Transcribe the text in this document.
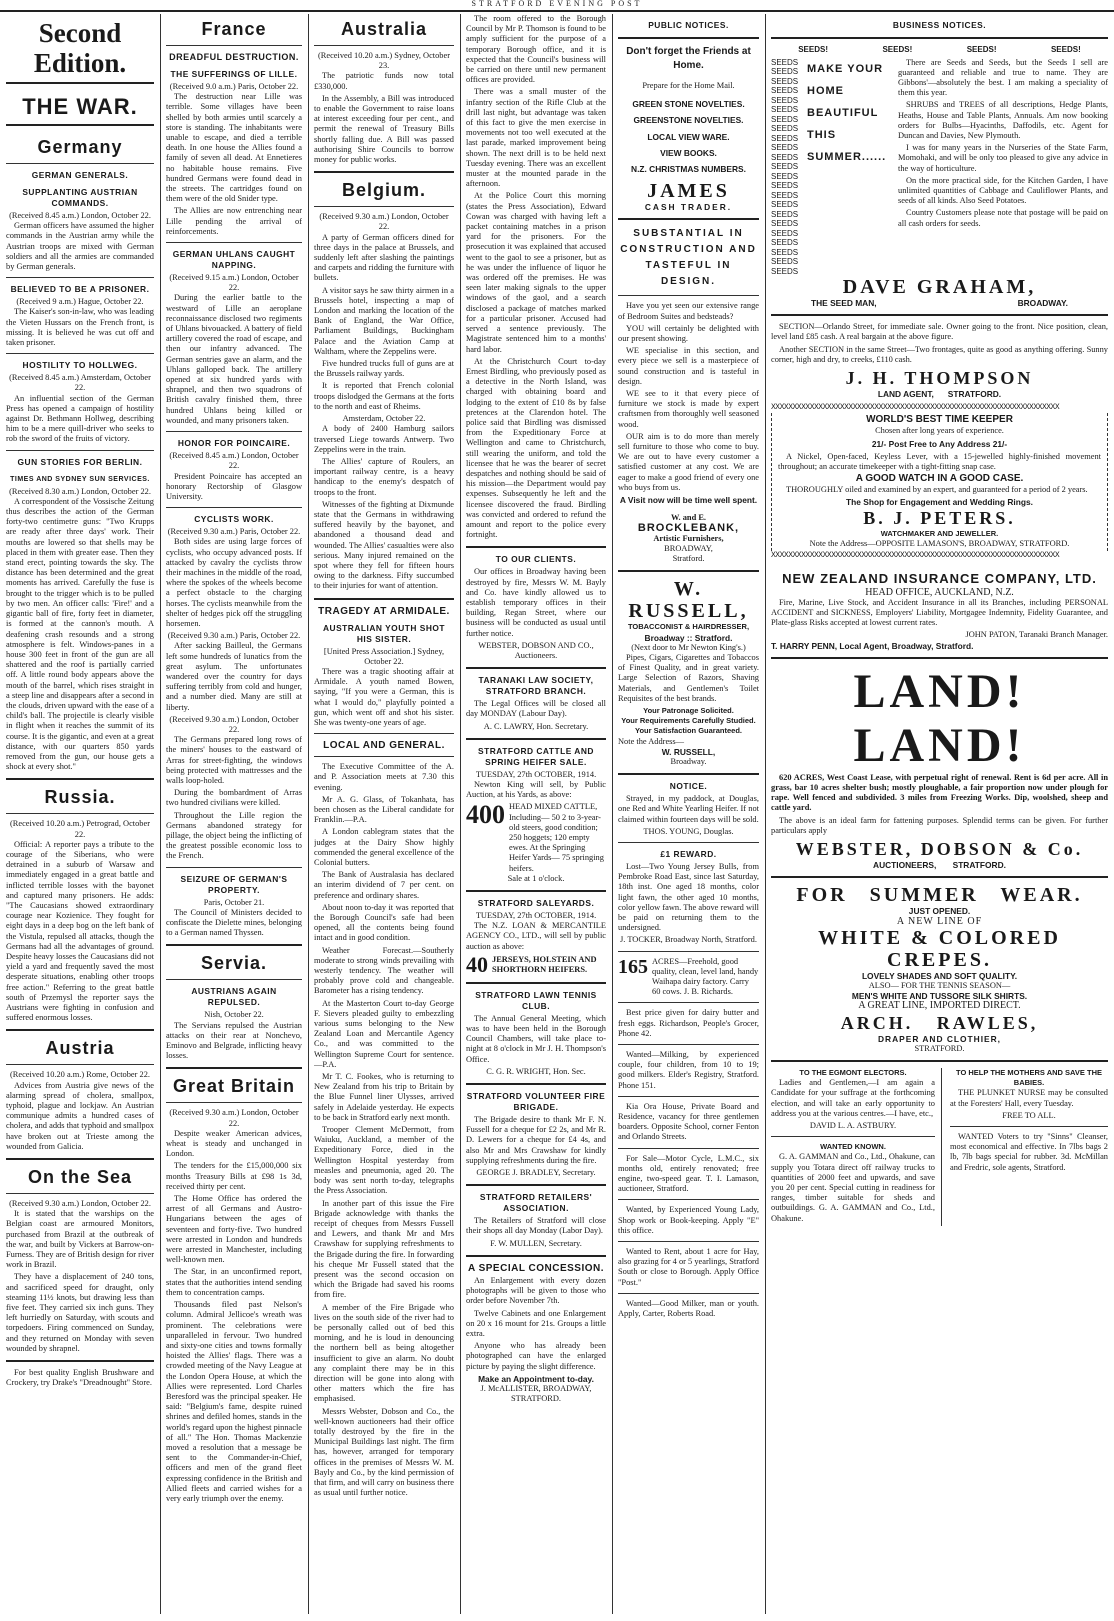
STRATFORD EVENING POST
Second Edition.
THE WAR.
Germany
GERMAN GENERALS.
SUPPLANTING AUSTRIAN COMMANDS.
(Received 8.45 a.m.) London, October 22.

German officers have assumed the higher commands in the Austrian army while the Austrian troops are mixed with German soldiers and all the armies are commanded by German generals.

BELIEVED TO BE A PRISONER.
(Received 9 a.m.) Hague, October 22.

The Kaiser's son-in-law, who was leading the Vieten Hussars on the French front, is missing. It is believed he was cut off and taken prisoner.

HOSTILITY TO HOLLWEG.
(Received 8.45 a.m.) Amsterdam, October 22.

An influential section of the German Press has opened a campaign of hostility against Dr. Bethmann Hollweg, describing him to be a mere quill-driver who seeks to rob the sword of the fruits of victory.

GUN STORIES FOR BERLIN.
TIMES AND SYDNEY SUN SERVICES.
(Received 8.30 a.m.) London, October 22.

A correspondent of the Vossische Zeitung thus describes the action of the German forty-two centimetre guns: "Two Krupps are ready after three days' work. Their mouths are lowered so that shells may be placed in them with greater ease. Then they stand erect, pointing towards the sky. The distance has been determined and the great moments has arrived. Carefully the fuse is brought to the trigger which is to be pulled by two men. An officer calls: 'Fire!' and a gigantic ball of fire, forty feet in diameter, is formed at the cannon's mouth. A deafening crash resounds and a strong atmosphere is felt. Windows-panes in a house 300 feet in front of the gun are all shattered and the roof is partially carried off. A little round body appears above the mouth of the barrel, which rises straight in a steep line and disappears after a second in the clouds, driven upward with the ease of a child's ball. The projectile is clearly visible in flight when it reaches the summit of its course. It is the gigantic, and even at a great distance, with our quarters 850 yards removed from the gun, our house gets a shock at every shot."

Russia.
(Received 10.20 a.m.) Petrograd, October 22.

Official: A reporter pays a tribute to the courage of the Siberians, who were detrained in a suburb of Warsaw and immediately engaged in a great battle and inflicted terrible losses with the bayonet and captured many prisoners. He adds: "The Caucasians showed extraordinary courage near Kozienice. They fought for eight days in a deep bog on the left bank of the Vistula, repulsed all attacks, though the Germans had all the advantages of ground. Despite heavy losses the Caucasians did not yield a yard and frequently saved the most desperate situations, enabling other troops free action." Referring to the great battle south of Przemysl the reporter says the Austrians were fighting in confusion and suffered enormous losses.

Austria
(Received 10.20 a.m.) Rome, October 22.

Advices from Austria give news of the alarming spread of cholera, smallpox, typhoid, plague and lockjaw. An Austrian communique admits a hundred cases of cholera, and adds that typhoid and smallpox have broken out at Trieste among the wounded from Galicia.

On the Sea
(Received 9.30 a.m.) London, October 22.

It is stated that the warships on the Belgian coast are armoured Monitors, purchased from Brazil at the outbreak of the war, and built by Vickers at Barrow-on-Furness. They are of British design for river work in Brazil.

They have a displacement of 240 tons, and sacrificed speed for draught, only steaming 11½ knots, but drawing less than five feet. They carried six inch guns. They left hurriedly on Saturday, with scouts and torpedoers. Firing commenced on Sunday, and they returned on Monday with seven wounded by shrapnel.

For best quality English Brushware and Crockery, try Drake's "Dreadnought" Store.

France
DREADFUL DESTRUCTION.
THE SUFFERINGS OF LILLE.
(Received 9.0 a.m.) Paris, October 22.

The destruction near Lille was terrible. Some villages have been shelled by both armies until scarcely a store is standing. The inhabitants were unable to escape, and died a terrible death. In one house the Allies found a family of seven all dead. At Ennetieres no habitable house remains. Five hundred Germans were found dead in the streets. The cartridges found on them were of the old Snider type.

The Allies are now entrenching near Lille pending the arrival of reinforcements.

GERMAN UHLANS CAUGHT NAPPING.
(Received 9.15 a.m.) London, October 22.

During the earlier battle to the westward of Lille an aeroplane reconnaissance disclosed two regiments of Uhlans bivouacked. A battery of field artillery covered the road of escape, and then our infantry advanced. The German sentries gave an alarm, and the Uhlans galloped back. The artillery opened at six hundred yards with shrapnel, and then two squadrons of British cavalry finished them, three hundred Uhlans being killed or wounded, and many prisoners taken.

HONOR FOR POINCAIRE.
(Received 8.45 a.m.) London, October 22.

President Poincaire has accepted an honorary Rectorship of Glasgow University.

CYCLISTS WORK.
(Received 9.30 a.m.) Paris, October 22.

Both sides are using large forces of cyclists, who occupy advanced posts. If attacked by cavalry the cyclists throw their machines in the middle of the road, where the spokes of the wheels become a perfect obstacle to the charging horses. The cyclists meanwhile from the shelter of hedges pick off the struggling horsemen.

(Received 9.30 a.m.) Paris, October 22.

After sacking Bailleul, the Germans left some hundreds of lunatics from the great asylum. The unfortunates wandered over the country for days suffering terribly from cold and hunger, and a number died. Many are still at liberty.

(Received 9.30 a.m.) London, October 22.

The Germans prepared long rows of the miners' houses to the eastward of Arras for street-fighting, the windows being protected with mattresses and the walls loop-holed.

During the bombardment of Arras two hundred civilians were killed.

Throughout the Lille region the Germans abandoned strategy for pillage, the object being the inflicting of the greatest possible economic loss to the French.

SEIZURE OF GERMAN'S PROPERTY.
Paris, October 21.

The Council of Ministers decided to confiscate the Dielette mines, belonging to a German named Thyssen.

Servia.
AUSTRIANS AGAIN REPULSED.
Nish, October 22.

The Servians repulsed the Austrian attacks on their rear at Nonchevo, Eminovo and Belgrade, inflicting heavy losses.

Great Britain
(Received 9.30 a.m.) London, October 22.

Despite weaker American advices, wheat is steady and unchanged in London.

The tenders for the £15,000,000 six months Treasury Bills at £98 1s 3d, received thirty per cent.

The Home Office has ordered the arrest of all Germans and Austro-Hungarians between the ages of seventeen and forty-five. Two hundred were arrested in London and hundreds were arrested in Manchester, including well-known men.

The Star, in an unconfirmed report, states that the authorities intend sending them to concentration camps.

Thousands filed past Nelson's column. Admiral Jellicoe's wreath was prominent. The celebrations were unparalleled in fervour. Two hundred and sixty-one cities and towns formally hoisted the Allies' flags. There was a crowded meeting of the Navy League at the London Opera House, at which the Allies were represented. Lord Charles Beresford was the principal speaker. He said: "Belgium's fame, despite ruined shrines and defiled homes, stands in the world's regard upon the highest pinnacle of all." The Hon. Thomas Mackenzie moved a resolution that a message be sent to the Commander-in-Chief, officers and men of the grand fleet expressing confidence in the British and Allied fleets and carried wishes for a very early triumph over the enemy.

Australia
(Received 10.20 a.m.) Sydney, October 23.

The patriotic funds now total £330,000.

In the Assembly, a Bill was introduced to enable the Government to raise loans at interest exceeding four per cent., and permit the renewal of Treasury Bills shortly falling due. A Bill was passed authorising Shire Councils to borrow money for public works.

Belgium.
(Received 9.30 a.m.) London, October 22.

A party of German officers dined for three days in the palace at Brussels, and suddenly left after slashing the paintings and carpets and ridding the furniture with bullets.

A visitor says he saw thirty airmen in a Brussels hotel, inspecting a map of London and marking the location of the Bank of England, the War Office, Parliament Buildings, Buckingham Palace and the Aviation Camp at Waltham, where the Zeppelins were.

Five hundred trucks full of guns are at the Brussels railway yards.

It is reported that French colonial troops dislodged the Germans at the forts to the north and east of Rheims.

Amsterdam, October 22.

A body of 2400 Hamburg sailors traversed Liege towards Antwerp. Two Zeppelins were in the train.

The Allies' capture of Roulers, an important railway centre, is a heavy handicap to the enemy's despatch of troops to the front.

Witnesses of the fighting at Dixmunde state that the Germans in withdrawing suffered heavily by the bayonet, and abandoned a thousand dead and wounded. The Allies' casualties were also serious. Many injured remained on the spot where they fell for fifteen hours owing to the darkness. Fifty succumbed to their injuries for want of attention.

TRAGEDY AT ARMIDALE.
AUSTRALIAN YOUTH SHOT HIS SISTER.
[United Press Association.] Sydney, October 22.

There was a tragic shooting affair at Armidale. A youth named Bowen, saying, "If you were a German, this is what I would do," playfully pointed a gun, which went off and shot his sister. She was twenty-one years of age.

LOCAL AND GENERAL.

The Executive Committee of the A. and P. Association meets at 7.30 this evening.

Mr A. G. Glass, of Tokanhata, has been chosen as the Liberal candidate for Franklin.—P.A.

A London cablegram states that the judges at the Dairy Show highly commended the general excellence of the Colonial butters.

The Bank of Australasia has declared an interim dividend of 7 per cent. on preference and ordinary shares.

About noon to-day it was reported that the Borough Council's safe had been opened, all the contents being found intact and in good condition.

Weather Forecast.—Southerly moderate to strong winds prevailing with westerly tendency. The weather will probably prove cold and changeable. Barometer has a rising tendency.

At the Masterton Court to-day George F. Sievers pleaded guilty to embezzling various sums belonging to the New Zealand Loan and Mercantile Agency Co., and was committed to the Wellington Supreme Court for sentence.—P.A.

Mr T. C. Fookes, who is returning to New Zealand from his trip to Britain by the Blue Funnel liner Ulysses, arrived safely in Adelaide yesterday. He expects to be back in Stratford early next month.

Trooper Clement McDermott, from Waiuku, Auckland, a member of the Expeditionary Force, died in the Wellington Hospital yesterday from measles and pneumonia, aged 20. The body was sent north to-day, telegraphs the Press Association.

In another part of this issue the Fire Brigade acknowledge with thanks the receipt of cheques from Messrs Fussell and Lewers, and thank Mr and Mrs Crawshaw for supplying refreshments to the Brigade during the fire. In forwarding his cheque Mr Fussell stated that the present was the second occasion on which the Brigade had saved his rooms from fire.

A member of the Fire Brigade who lives on the south side of the river had to be personally called out of bed this morning, and he is loud in denouncing the northern bell as being altogether insufficient to give an alarm. No doubt any complaint there may be in this direction will be gone into along with other matters which the fire has emphasised.

Messrs Webster, Dobson and Co., the well-known auctioneers had their office totally destroyed by the fire in the Municipal Buildings last night. The firm has, however, arranged for temporary offices in the premises of Messrs W. M. Bayly and Co., by the kind permission of that firm, and will carry on business there as usual until further notice.

The room offered to the Borough Council by Mr P. Thomson is found to be amply sufficient for the purpose of a temporary Borough office, and it is expected that the Council's business will be carried on there until new permanent offices are provided.

There was a small muster of the infantry section of the Rifle Club at the drill last night, but advantage was taken of this fact to give the men exercise in movements not too well executed at the last parade, marked improvement being shown. The next drill is to be held next Tuesday evening. There was an excellent muster at the mounted parade in the afternoon.

At the Police Court this morning (states the Press Association), Edward Cowan was charged with having left a packet containing matches in a prison yard for the prisoners. For the prosecution it was explained that accused went to the gaol to see a prisoner, but as he was under the influence of liquor he was ordered off the premises. He was seen later making signals to the upper windows of the gaol, and a search disclosed a package of matches marked for a particular prisoner. Accused had served a sentence previously. The Magistrate sentenced him to a months' hard labor.

At the Christchurch Court to-day Ernest Birdling, who previously posed as a detective in the North Island, was charged with obtaining board and lodging to the extent of £10 8s by false pretences at the Clarendon hotel. The police said that Birdling was dismissed from the Expeditionary Force at Wellington and came to Christchurch, still wearing the uniform, and told the licensee that he was the bearer of secret despatches and nothing should be said of his mission—the Department would pay expenses. Subsequently he left and the licensee discovered the fraud. Birdling was convicted and ordered to refund the amount and report to the police every fortnight.

TO OUR CLIENTS.

Our offices in Broadway having been destroyed by fire, Messrs W. M. Bayly and Co. have kindly allowed us to establish temporary offices in their building, Regan Street, where our business will be conducted as usual until further notice.

WEBSTER, DOBSON AND CO., Auctioneers.
TARANAKI LAW SOCIETY, STRATFORD BRANCH.

The Legal Offices will be closed all day MONDAY (Labour Day).

A. C. LAWRY, Hon. Secretary.
STRATFORD CATTLE AND SPRING HEIFER SALE.
TUESDAY, 27th OCTOBER, 1914.

Newton King will sell, by Public Auction, at his Yards, as above:

400 HEAD MIXED CATTLE, Including— 50 2 to 3-year-old steers, good condition; 250 hoggets; 120 empty ewes. At the Springing Heifer Yards— 75 springing heifers.
Sale at 1 o'clock.
STRATFORD SALEYARDS.
TUESDAY, 27th OCTOBER, 1914.

The N.Z. LOAN & MERCANTILE AGENCY CO., LTD., will sell by public auction as above:

40 JERSEYS, HOLSTEIN AND SHORTHORN HEIFERS.
STRATFORD LAWN TENNIS CLUB.

The Annual General Meeting, which was to have been held in the Borough Council Chambers, will take place to-night at 8 o'clock in Mr J. H. Thompson's Office.

C. G. R. WRIGHT, Hon. Sec.
STRATFORD VOLUNTEER FIRE BRIGADE.

The Brigade desire to thank Mr F. N. Fussell for a cheque for £2 2s, and Mr R. D. Lewers for a cheque for £4 4s, and also Mr and Mrs Crawshaw for kindly supplying refreshments during the fire.

GEORGE J. BRADLEY, Secretary.
STRATFORD RETAILERS' ASSOCIATION.

The Retailers of Stratford will close their shops all day Monday (Labor Day).

F. W. MULLEN, Secretary.
A SPECIAL CONCESSION.

An Enlargement with every dozen photographs will be given to those who order before November 7th.

Twelve Cabinets and one Enlargement on 20 x 16 mount for 21s. Groups a little extra.

Anyone who has already been photographed can have the enlarged picture by paying the slight difference.

Make an Appointment to-day.
J. McALLISTER, BROADWAY, STRATFORD.
PUBLIC NOTICES.
Don't forget the Friends at Home.
Prepare for the Home Mail.
GREEN STONE NOVELTIES.
GREENSTONE NOVELTIES.
LOCAL VIEW WARE.
VIEW BOOKS.
N.Z. CHRISTMAS NUMBERS.
JAMES
CASH TRADER.
SUBSTANTIAL IN CONSTRUCTION AND TASTEFUL IN DESIGN.

Have you yet seen our extensive range of Bedroom Suites and bedsteads?

YOU will certainly be delighted with our present showing.

WE specialise in this section, and every piece we sell is a masterpiece of sound construction and is tasteful in design.

WE see to it that every piece of furniture we stock is made by expert craftsmen from thoroughly well seasoned wood.

OUR aim is to do more than merely sell furniture to those who come to buy. We are out to have every customer a satisfied customer at any cost. We are eager to make a good friend of every one who buys from us.

A Visit now will be time well spent.
W. and E.
BROCKLEBANK,
Artistic Furnishers,
BROADWAY,
Stratford.
W. RUSSELL,
TOBACCONIST & HAIRDRESSER,
Broadway :: Stratford.
(Next door to Mr Newton King's.)

Pipes, Cigars, Cigarettes and Tobaccos of Finest Quality, and in great variety. Large Selection of Razors, Shaving Materials, and Gentlemen's Toilet Requisites of the best brands.

Your Patronage Solicited.
Your Requirements Carefully Studied.
Your Satisfaction Guaranteed.
Note the Address—
W. RUSSELL,
Broadway.
NOTICE.

Strayed, in my paddock, at Douglas, one Red and White Yearling Heifer. If not claimed within fourteen days will be sold.

THOS. YOUNG, Douglas.
£1 REWARD.

Lost—Two Young Jersey Bulls, from Pembroke Road East, since last Saturday, 18th inst. One aged 18 months, color light fawn, the other aged 10 months, color yellow fawn. The above reward will be paid on returning them to the undersigned.

J. TOCKER, Broadway North, Stratford.
165 ACRES—Freehold, good quality, clean, level land, handy Waihapa dairy factory. Carry 60 cows. J. B. Richards.

Best price given for dairy butter and fresh eggs. Richardson, People's Grocer, Phone 42.

Wanted—Milking, by experienced couple, four children, from 10 to 19; good milkers. Elder's Registry, Stratford. Phone 151.

Kia Ora House, Private Board and Residence, vacancy for three gentlemen boarders. Opposite School, corner Fenton and Orlando Streets.

For Sale—Motor Cycle, L.M.C., six months old, entirely renovated; free engine, two-speed gear. T. I. Lamason, auctioneer, Stratford.

Wanted, by Experienced Young Lady, Shop work or Book-keeping. Apply "E" this office.

Wanted to Rent, about 1 acre for Hay, also grazing for 4 or 5 yearlings, Stratford South or close to Borough. Apply Office "Post."

Wanted—Good Milker, man or youth. Apply, Carter, Roberts Road.

BUSINESS NOTICES.
SEEDS!	SEEDS!	SEEDS!	SEEDS!
SEEDS
SEEDS
SEEDS
SEEDS
SEEDS
SEEDS
SEEDS
SEEDS
SEEDS
SEEDS
SEEDS
SEEDS
SEEDS
SEEDS
SEEDS
SEEDS
SEEDS
SEEDS
SEEDS
SEEDS
SEEDS
SEEDS
SEEDS
MAKE YOUR HOME BEAUTIFUL THIS SUMMER......

There are Seeds and Seeds, but the Seeds I sell are guaranteed and reliable and true to name. They are Gibbons'—absolutely the best. I am making a speciality of them this year.

SHRUBS and TREES of all descriptions, Hedge Plants, Heaths, House and Table Plants, Annuals. Am now booking orders for Bulbs—Hyacinths, Daffodils, etc. Agent for Duncan and Davies, New Plymouth.

I was for many years in the Nurseries of the State Farm, Momohaki, and will be only too pleased to give any advice in the way of horticulture.

On the more practical side, for the Kitchen Garden, I have unlimited quantities of Cabbage and Cauliflower Plants, and seeds of all kinds. Also Seed Potatoes.

Country Customers please note that postage will be paid on all cash orders for seeds.

DAVE GRAHAM,
THE SEED MAN,	BROADWAY.

SECTION—Orlando Street, for immediate sale. Owner going to the front. Nice position, clean, level land £85 cash. A real bargain at the above figure.

Another SECTION in the same Street—Two frontages, quite as good as anything offering. Sunny corner, high and dry, to creeks, £110 cash.

J. H. THOMPSON
LAND AGENT,      STRATFORD.
XXXXXXXXXXXXXXXXXXXXXXXXXXXXXXXXXXXXXXXXXXXXXXXXXXXXXXXXXXXXXXXXXXX
WORLD'S BEST TIME KEEPER
Chosen after long years of experience.
21/- Post Free to Any Address 21/-

A Nickel, Open-faced, Keyless Lever, with a 15-jewelled highly-finished movement throughout; an accurate timekeeper with a tight-fitting snap case.

A GOOD WATCH IN A GOOD CASE.

THOROUGHLY oiled and examined by an expert, and guaranteed for a period of 2 years.

The Shop for Engagement and Wedding Rings.
B. J. PETERS.
WATCHMAKER AND JEWELLER.
Note the Address—OPPOSITE LAMASON'S, BROADWAY, STRATFORD.
XXXXXXXXXXXXXXXXXXXXXXXXXXXXXXXXXXXXXXXXXXXXXXXXXXXXXXXXXXXXXXXXXXX
NEW ZEALAND INSURANCE COMPANY, LTD.
HEAD OFFICE, AUCKLAND, N.Z.

Fire, Marine, Live Stock, and Accident Insurance in all its Branches, including PERSONAL ACCIDENT and SICKNESS, Employers' Liability, Mortgagee Indemnity, Fidelity Guarantee, and Plate-glass Risks accepted at lowest current rates.

JOHN PATON, Taranaki Branch Manager.
T. HARRY PENN, Local Agent, Broadway, Stratford.
LAND! LAND!

620 ACRES, West Coast Lease, with perpetual right of renewal. Rent is 6d per acre. All in grass, bar 10 acres shelter bush; mostly ploughable, a fair proportion now under plough for rape. Well fenced and subdivided. 3 miles from Freezing Works. Dip, woolshed, sheep and cattle yard.

The above is an ideal farm for fattening purposes. Splendid terms can be given. For further particulars apply

WEBSTER, DOBSON & Co.
AUCTIONEERS,       STRATFORD.
FOR SUMMER WEAR.
JUST OPENED.
A NEW LINE OF
WHITE & COLORED
CREPES.
LOVELY SHADES AND SOFT QUALITY.
ALSO— FOR THE TENNIS SEASON—
MEN'S WHITE AND TUSSORE SILK SHIRTS.
A GREAT LINE, IMPORTED DIRECT.
ARCH. RAWLES,
DRAPER AND CLOTHIER,
STRATFORD.
TO THE EGMONT ELECTORS.

Ladies and Gentlemen,—I am again a Candidate for your suffrage at the forthcoming election, and will take an early opportunity to address you at the various centres.—I have, etc.,

DAVID L. A. ASTBURY.
WANTED KNOWN.

G. A. GAMMAN and Co., Ltd., Ohakune, can supply you Totara direct off railway trucks to quantities of 2000 feet and upwards, and save you 20 per cent. Special cutting in readiness for ranges, timber suitable for sheds and outbuildings. G. A. GAMMAN and Co., Ltd., Ohakune.

TO HELP THE MOTHERS AND SAVE THE BABIES.

THE PLUNKET NURSE may be consulted at the Foresters' Hall, every Tuesday.

FREE TO ALL.

WANTED Voters to try "Sinns" Cleanser, most economical and effective. In 7lbs bags 2 lb, 7lb bags special for rubber. 3d. McMillan and Fredric, sole agents, Stratford.
